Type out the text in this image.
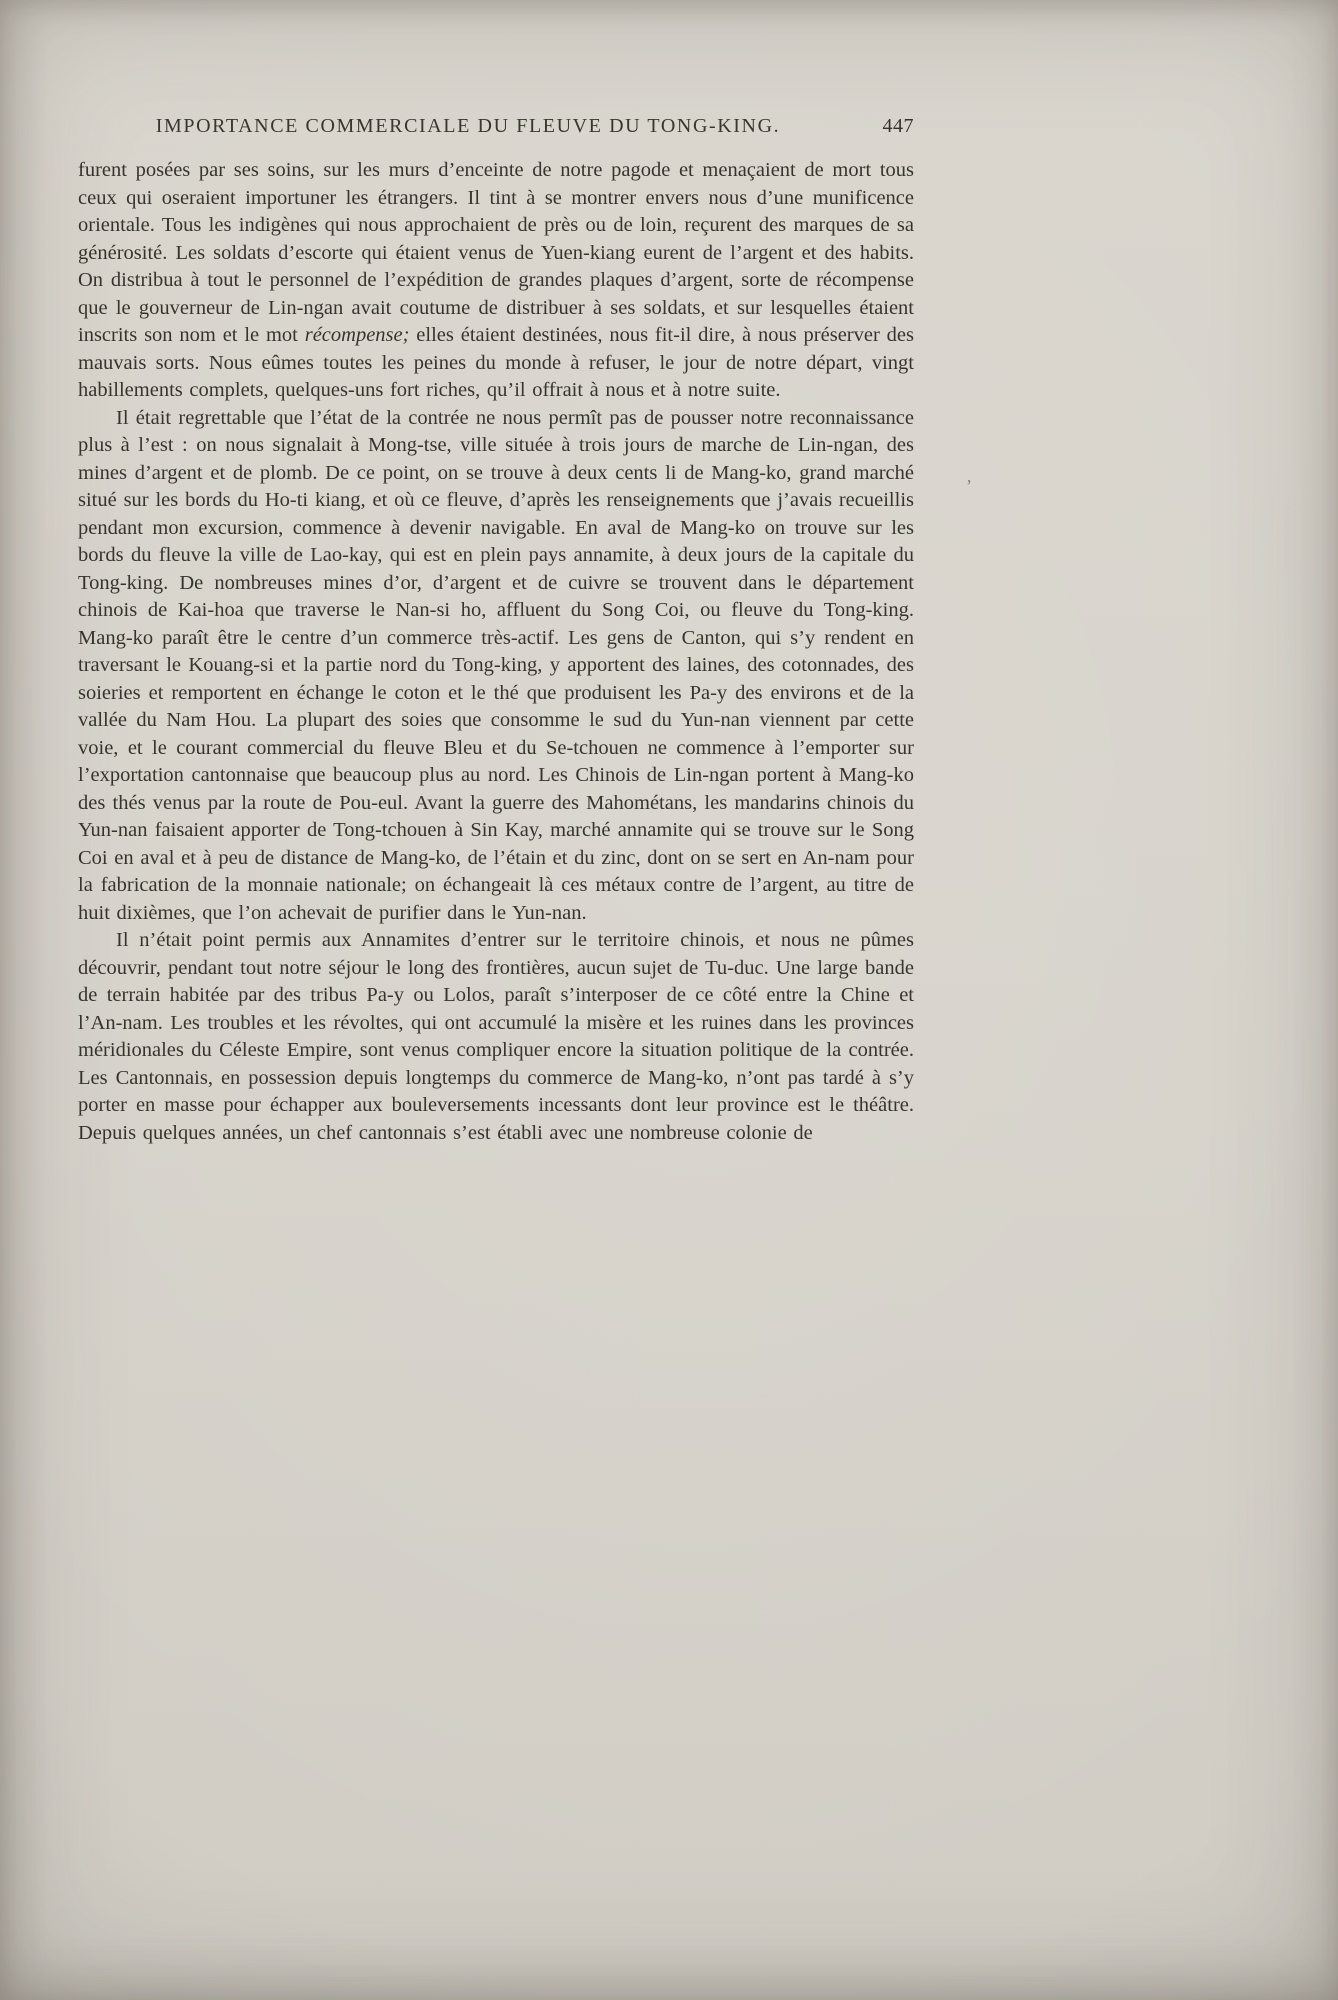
IMPORTANCE COMMERCIALE DU FLEUVE DU TONG-KING.	447

furent posées par ses soins, sur les murs d’enceinte de notre pagode et menaçaient de mort tous ceux qui oseraient importuner les étrangers. Il tint à se montrer envers nous d’une munificence orientale. Tous les indigènes qui nous approchaient de près ou de loin, reçurent des marques de sa générosité. Les soldats d’escorte qui étaient venus de Yuen-kiang eurent de l’argent et des habits. On distribua à tout le personnel de l’expédition de grandes plaques d’argent, sorte de récompense que le gouverneur de Lin-ngan avait coutume de distribuer à ses soldats, et sur lesquelles étaient inscrits son nom et le mot récompense; elles étaient destinées, nous fit-il dire, à nous préserver des mauvais sorts. Nous eûmes toutes les peines du monde à refuser, le jour de notre départ, vingt habillements complets, quelques-uns fort riches, qu’il offrait à nous et à notre suite.

Il était regrettable que l’état de la contrée ne nous permît pas de pousser notre reconnaissance plus à l’est : on nous signalait à Mong-tse, ville située à trois jours de marche de Lin-ngan, des mines d’argent et de plomb. De ce point, on se trouve à deux cents li de Mang-ko, grand marché situé sur les bords du Ho-ti kiang, et où ce fleuve, d’après les renseignements que j’avais recueillis pendant mon excursion, commence à devenir navigable. En aval de Mang-ko on trouve sur les bords du fleuve la ville de Lao-kay, qui est en plein pays annamite, à deux jours de la capitale du Tong-king. De nombreuses mines d’or, d’argent et de cuivre se trouvent dans le département chinois de Kai-hoa que traverse le Nan-si ho, affluent du Song Coi, ou fleuve du Tong-king. Mang-ko paraît être le centre d’un commerce très-actif. Les gens de Canton, qui s’y rendent en traversant le Kouang-si et la partie nord du Tong-king, y apportent des laines, des cotonnades, des soieries et remportent en échange le coton et le thé que produisent les Pa-y des environs et de la vallée du Nam Hou. La plupart des soies que consomme le sud du Yun-nan viennent par cette voie, et le courant commercial du fleuve Bleu et du Se-tchouen ne commence à l’emporter sur l’exportation cantonnaise que beaucoup plus au nord. Les Chinois de Lin-ngan portent à Mang-ko des thés venus par la route de Pou-eul. Avant la guerre des Mahométans, les mandarins chinois du Yun-nan faisaient apporter de Tong-tchouen à Sin Kay, marché annamite qui se trouve sur le Song Coi en aval et à peu de distance de Mang-ko, de l’étain et du zinc, dont on se sert en An-nam pour la fabrication de la monnaie nationale; on échangeait là ces métaux contre de l’argent, au titre de huit dixièmes, que l’on achevait de purifier dans le Yun-nan.

Il n’était point permis aux Annamites d’entrer sur le territoire chinois, et nous ne pûmes découvrir, pendant tout notre séjour le long des frontières, aucun sujet de Tu-duc. Une large bande de terrain habitée par des tribus Pa-y ou Lolos, paraît s’interposer de ce côté entre la Chine et l’An-nam. Les troubles et les révoltes, qui ont accumulé la misère et les ruines dans les provinces méridionales du Céleste Empire, sont venus compliquer encore la situation politique de la contrée. Les Cantonnais, en possession depuis longtemps du commerce de Mang-ko, n’ont pas tardé à s’y porter en masse pour échapper aux bouleversements incessants dont leur province est le théâtre. Depuis quelques années, un chef cantonnais s’est établi avec une nombreuse colonie de

’
